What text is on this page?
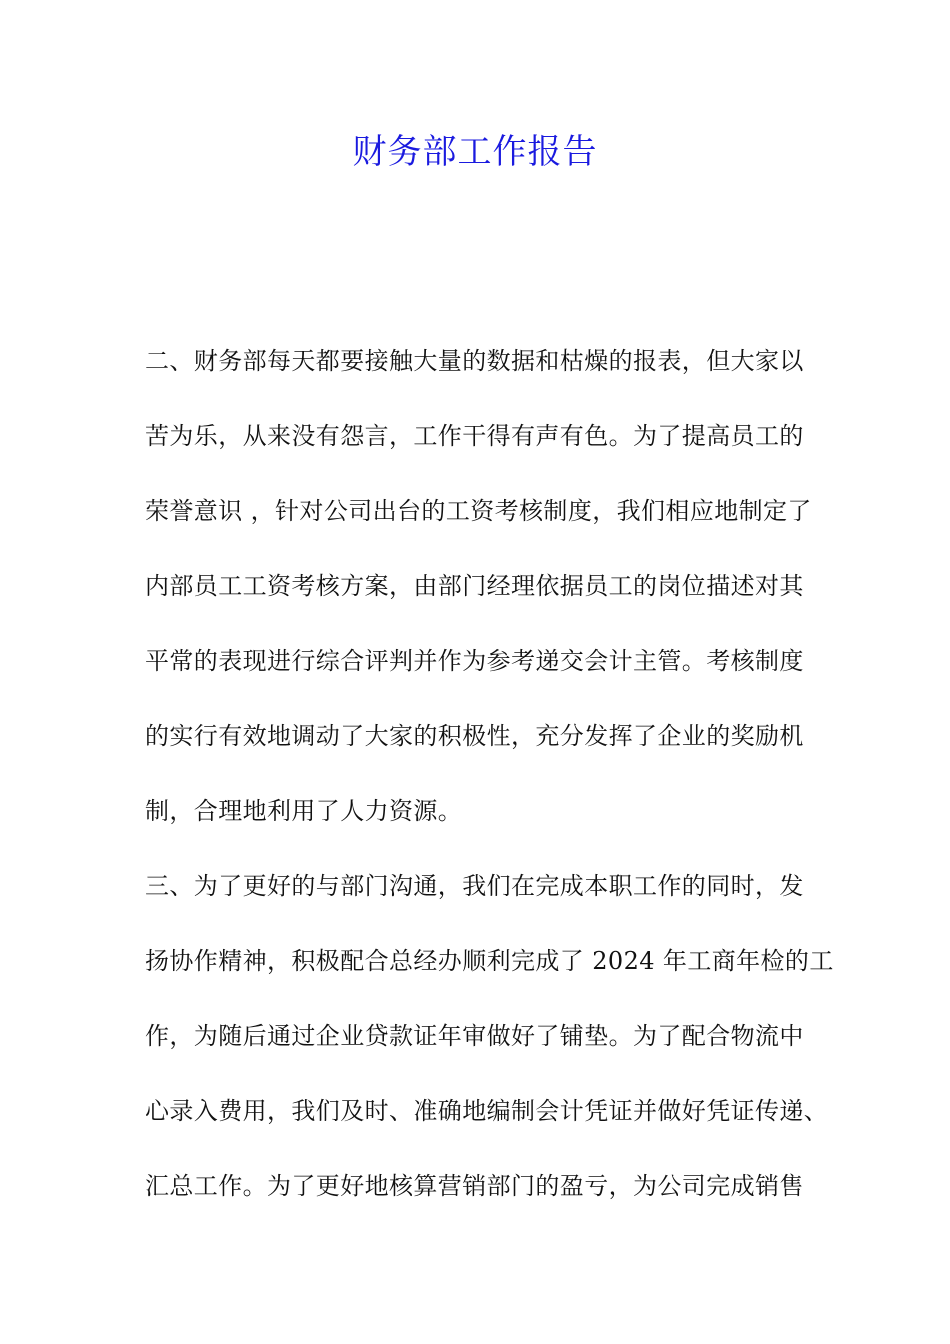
财务部工作报告
二、财务部每天都要接触大量的数据和枯燥的报表，但大家以
苦为乐，从来没有怨言，工作干得有声有色。为了提高员工的
荣誉意识 ，针对公司出台的工资考核制度，我们相应地制定了
内部员工工资考核方案，由部门经理依据员工的岗位描述对其
平常的表现进行综合评判并作为参考递交会计主管。考核制度
的实行有效地调动了大家的积极性，充分发挥了企业的奖励机
制，合理地利用了人力资源。
三、为了更好的与部门沟通，我们在完成本职工作的同时，发
扬协作精神，积极配合总经办顺利完成了 2024 年工商年检的工
作，为随后通过企业贷款证年审做好了铺垫。为了配合物流中
心录入费用，我们及时、准确地编制会计凭证并做好凭证传递、
汇总工作。为了更好地核算营销部门的盈亏，为公司完成销售
